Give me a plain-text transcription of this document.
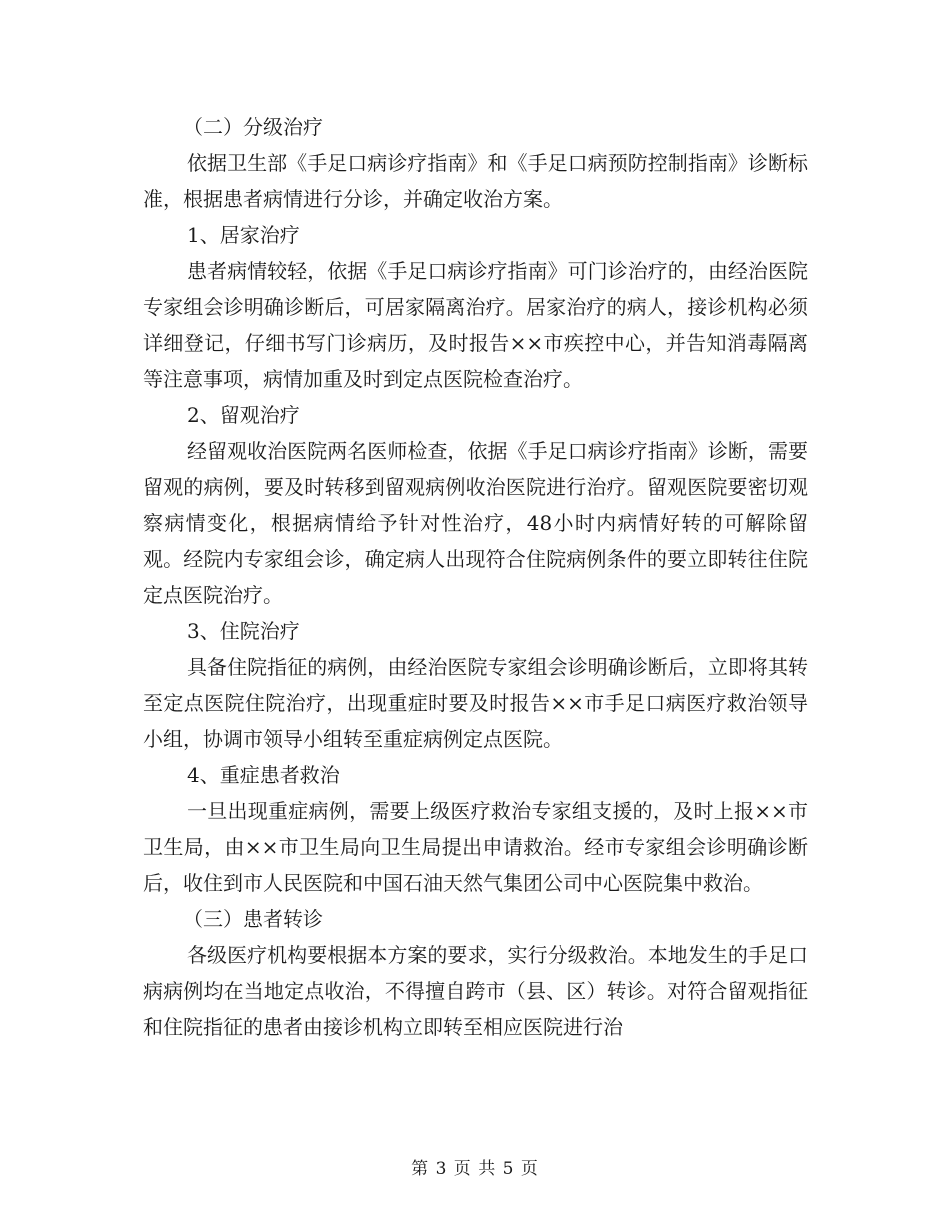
（二）分级治疗

依据卫生部《手足口病诊疗指南》和《手足口病预防控制指南》诊断标准，根据患者病情进行分诊，并确定收治方案。

1、居家治疗

患者病情较轻，依据《手足口病诊疗指南》可门诊治疗的，由经治医院专家组会诊明确诊断后，可居家隔离治疗。居家治疗的病人，接诊机构必须详细登记，仔细书写门诊病历，及时报告××市疾控中心，并告知消毒隔离等注意事项，病情加重及时到定点医院检查治疗。

2、留观治疗

经留观收治医院两名医师检查，依据《手足口病诊疗指南》诊断，需要留观的病例，要及时转移到留观病例收治医院进行治疗。留观医院要密切观察病情变化，根据病情给予针对性治疗，48小时内病情好转的可解除留观。经院内专家组会诊，确定病人出现符合住院病例条件的要立即转往住院定点医院治疗。

3、住院治疗

具备住院指征的病例，由经治医院专家组会诊明确诊断后，立即将其转至定点医院住院治疗，出现重症时要及时报告××市手足口病医疗救治领导小组，协调市领导小组转至重症病例定点医院。

4、重症患者救治

一旦出现重症病例，需要上级医疗救治专家组支援的，及时上报××市卫生局，由××市卫生局向卫生局提出申请救治。经市专家组会诊明确诊断后，收住到市人民医院和中国石油天然气集团公司中心医院集中救治。

（三）患者转诊

各级医疗机构要根据本方案的要求，实行分级救治。本地发生的手足口病病例均在当地定点收治，不得擅自跨市（县、区）转诊。对符合留观指征和住院指征的患者由接诊机构立即转至相应医院进行治

第 3 页 共 5 页
